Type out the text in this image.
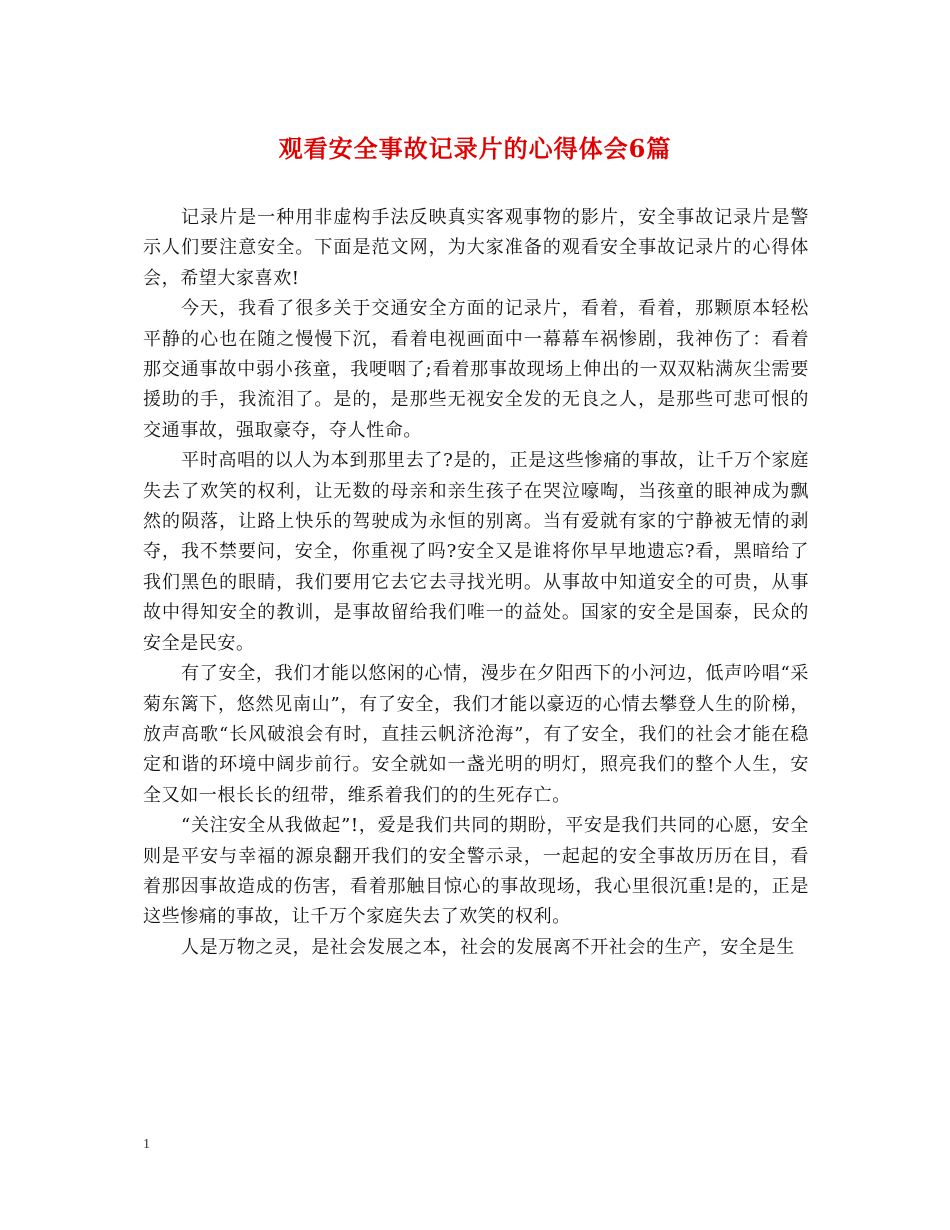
观看安全事故记录片的心得体会6篇

记录片是一种用非虚构手法反映真实客观事物的影片，安全事故记录片是警示人们要注意安全。下面是范文网，为大家准备的观看安全事故记录片的心得体会，希望大家喜欢!

今天，我看了很多关于交通安全方面的记录片，看着，看着，那颗原本轻松平静的心也在随之慢慢下沉，看着电视画面中一幕幕车祸惨剧，我神伤了：看着那交通事故中弱小孩童，我哽咽了;看着那事故现场上伸出的一双双粘满灰尘需要援助的手，我流泪了。是的，是那些无视安全发的无良之人，是那些可悲可恨的交通事故，强取豪夺，夺人性命。

平时高唱的以人为本到那里去了?是的，正是这些惨痛的事故，让千万个家庭失去了欢笑的权利，让无数的母亲和亲生孩子在哭泣嚎啕，当孩童的眼神成为飘然的陨落，让路上快乐的驾驶成为永恒的别离。当有爱就有家的宁静被无情的剥夺，我不禁要问，安全，你重视了吗?安全又是谁将你早早地遗忘?看，黑暗给了我们黑色的眼睛，我们要用它去它去寻找光明。从事故中知道安全的可贵，从事故中得知安全的教训，是事故留给我们唯一的益处。国家的安全是国泰，民众的安全是民安。

有了安全，我们才能以悠闲的心情，漫步在夕阳西下的小河边，低声吟唱“采菊东篱下，悠然见南山”，有了安全，我们才能以豪迈的心情去攀登人生的阶梯，放声高歌“长风破浪会有时，直挂云帆济沧海”，有了安全，我们的社会才能在稳定和谐的环境中阔步前行。安全就如一盏光明的明灯，照亮我们的整个人生，安全又如一根长长的纽带，维系着我们的的生死存亡。

“关注安全从我做起”!，爱是我们共同的期盼，平安是我们共同的心愿，安全则是平安与幸福的源泉翻开我们的安全警示录，一起起的安全事故历历在目，看着那因事故造成的伤害，看着那触目惊心的事故现场，我心里很沉重!是的，正是这些惨痛的事故，让千万个家庭失去了欢笑的权利。

人是万物之灵，是社会发展之本，社会的发展离不开社会的生产，安全是生

1
